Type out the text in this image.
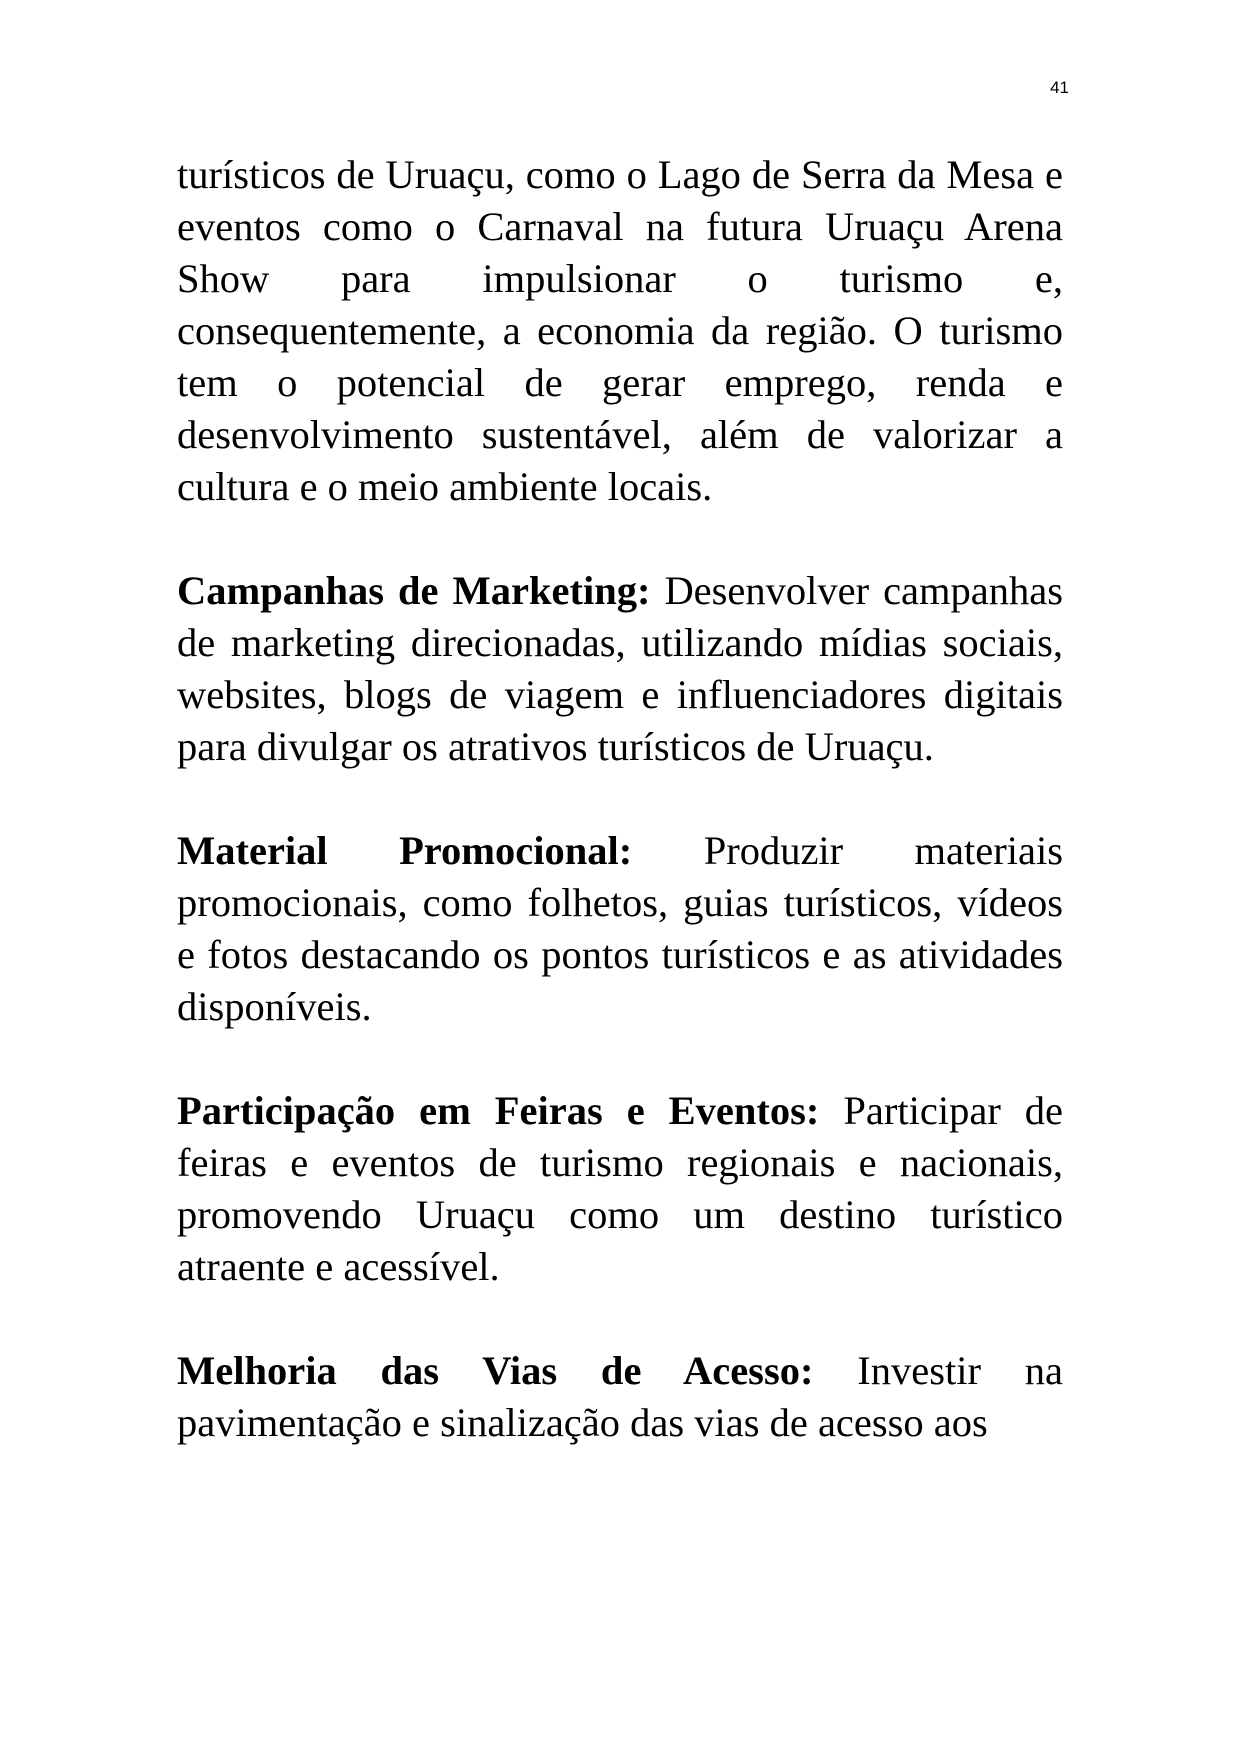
41

turísticos de Uruaçu, como o Lago de Serra da Mesa e eventos como o Carnaval na futura Uruaçu Arena Show para impulsionar o turismo e, consequentemente, a economia da região. O turismo tem o potencial de gerar emprego, renda e desenvolvimento sustentável, além de valorizar a cultura e o meio ambiente locais.

Campanhas de Marketing: Desenvolver campanhas de marketing direcionadas, utilizando mídias sociais, websites, blogs de viagem e influenciadores digitais para divulgar os atrativos turísticos de Uruaçu.

Material Promocional: Produzir materiais promocionais, como folhetos, guias turísticos, vídeos e fotos destacando os pontos turísticos e as atividades disponíveis.

Participação em Feiras e Eventos: Participar de feiras e eventos de turismo regionais e nacionais, promovendo Uruaçu como um destino turístico atraente e acessível.

Melhoria das Vias de Acesso: Investir na pavimentação e sinalização das vias de acesso aos
